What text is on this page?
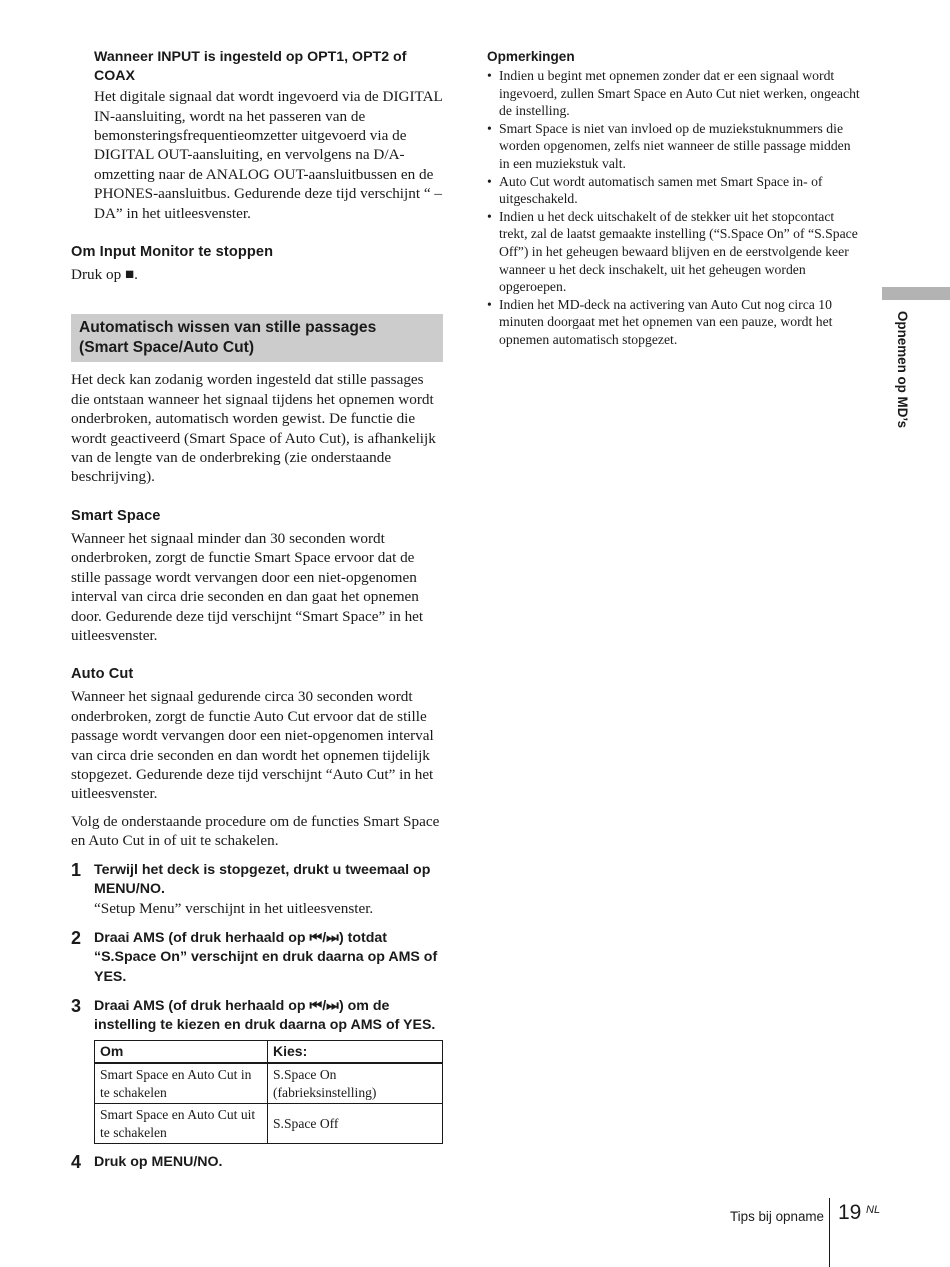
Wanneer INPUT is ingesteld op OPT1, OPT2 of COAX

Het digitale signaal dat wordt ingevoerd via de DIGITAL IN-aansluiting, wordt na het passeren van de bemonsteringsfrequentieomzetter uitgevoerd via de DIGITAL OUT-aansluiting, en vervolgens na D/A-omzetting naar de ANALOG OUT-aansluitbussen en de PHONES-aansluitbus. Gedurende deze tijd verschijnt “ – DA” in het uitleesvenster.

Om Input Monitor te stoppen

Druk op ■.

Automatisch wissen van stille passages
(Smart Space/Auto Cut)

Het deck kan zodanig worden ingesteld dat stille passages die ontstaan wanneer het signaal tijdens het opnemen wordt onderbroken, automatisch worden gewist. De functie die wordt geactiveerd (Smart Space of Auto Cut), is afhankelijk van de lengte van de onderbreking (zie onderstaande beschrijving).

Smart Space

Wanneer het signaal minder dan 30 seconden wordt onderbroken, zorgt de functie Smart Space ervoor dat de stille passage wordt vervangen door een niet-opgenomen interval van circa drie seconden en dan gaat het opnemen door. Gedurende deze tijd verschijnt “Smart Space” in het uitleesvenster.

Auto Cut

Wanneer het signaal gedurende circa 30 seconden wordt onderbroken, zorgt de functie Auto Cut ervoor dat de stille passage wordt vervangen door een niet-opgenomen interval van circa drie seconden en dan wordt het opnemen tijdelijk stopgezet. Gedurende deze tijd verschijnt “Auto Cut” in het uitleesvenster.

Volg de onderstaande procedure om de functies Smart Space en Auto Cut in of uit te schakelen.

1 Terwijl het deck is stopgezet, drukt u tweemaal op MENU/NO.

“Setup Menu” verschijnt in het uitleesvenster.

2 Draai AMS (of druk herhaald op ⏮/⏭) totdat “S.Space On” verschijnt en druk daarna op AMS of YES.

3 Draai AMS (of druk herhaald op ⏮/⏭) om de instelling te kiezen en druk daarna op AMS of YES.

Om	Kies:
Smart Space en Auto Cut in te schakelen	S.Space On (fabrieksinstelling)
Smart Space en Auto Cut uit te schakelen	S.Space Off
4 Druk op MENU/NO.

Opmerkingen

• Indien u begint met opnemen zonder dat er een signaal wordt ingevoerd, zullen Smart Space en Auto Cut niet werken, ongeacht de instelling.
• Smart Space is niet van invloed op de muziekstuknummers die worden opgenomen, zelfs niet wanneer de stille passage midden in een muziekstuk valt.
• Auto Cut wordt automatisch samen met Smart Space in- of uitgeschakeld.
• Indien u het deck uitschakelt of de stekker uit het stopcontact trekt, zal de laatst gemaakte instelling (“S.Space On” of “S.Space Off”) in het geheugen bewaard blijven en de eerstvolgende keer wanneer u het deck inschakelt, uit het geheugen worden opgeroepen.
• Indien het MD-deck na activering van Auto Cut nog circa 10 minuten doorgaat met het opnemen van een pauze, wordt het opnemen automatisch stopgezet.	Opnemen op MD’s
Tips bij opname 19 NL
